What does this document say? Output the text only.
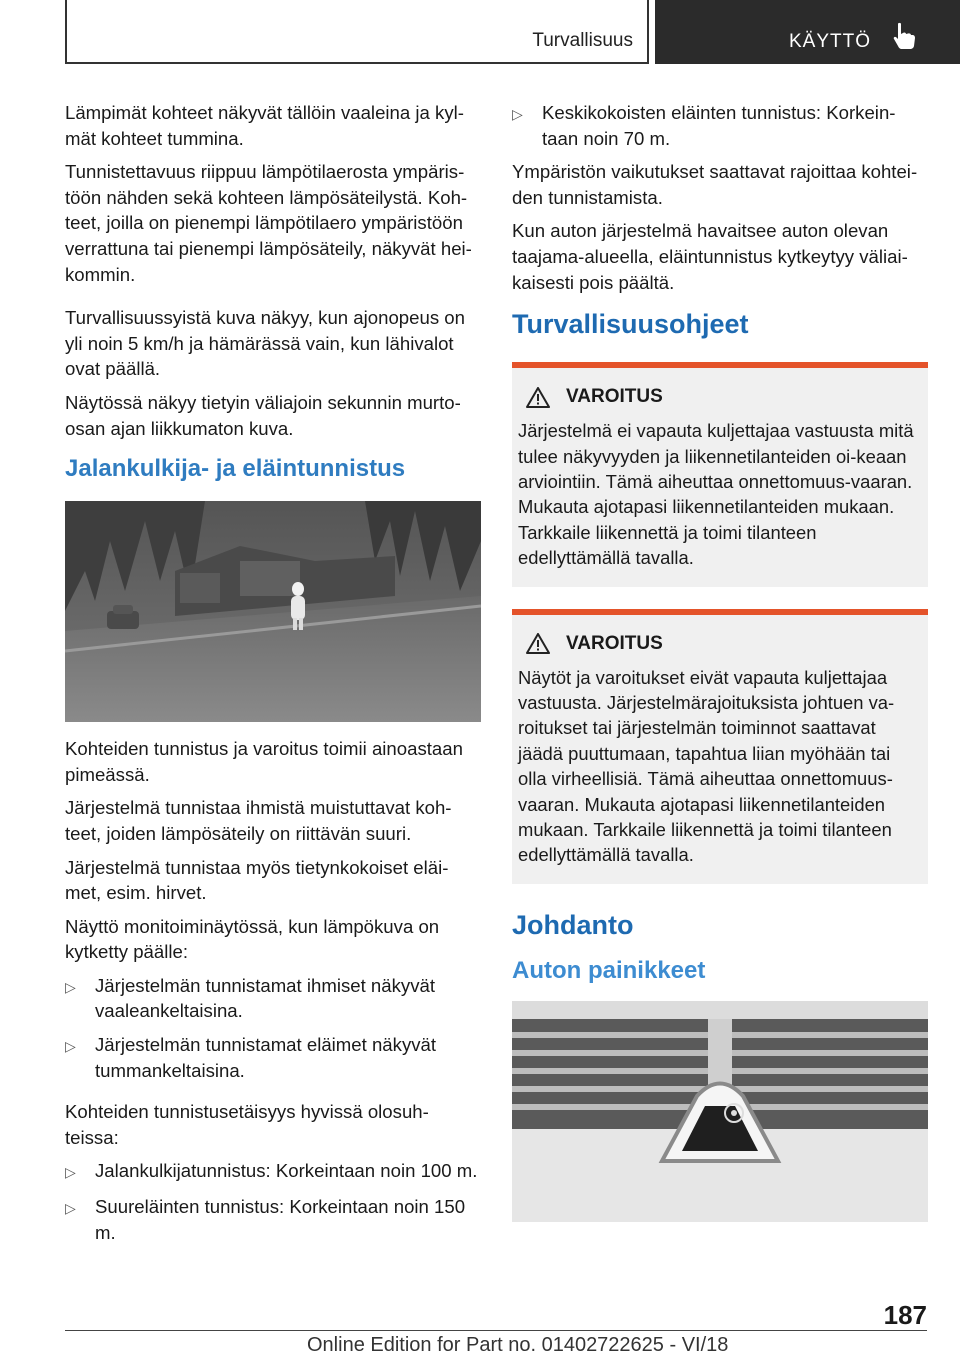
Turvallisuus	KÄYTTÖ

Lämpimät kohteet näkyvät tällöin vaaleina ja kyl-mät kohteet tummina.

Tunnistettavuus riippuu lämpötilaerosta ympäris-töön nähden sekä kohteen lämpösäteilystä. Koh-teet, joilla on pienempi lämpötilaero ympäristöön verrattuna tai pienempi lämpösäteily, näkyvät hei-kommin.

Turvallisuussyistä kuva näkyy, kun ajonopeus on yli noin 5 km/h ja hämärässä vain, kun lähivalot ovat päällä.

Näytössä näkyy tietyin väliajoin sekunnin murto-osan ajan liikkumaton kuva.

Jalankulkija- ja eläintunnistus

Kohteiden tunnistus ja varoitus toimii ainoastaan pimeässä.

Järjestelmä tunnistaa ihmistä muistuttavat koh-teet, joiden lämpösäteily on riittävän suuri.

Järjestelmä tunnistaa myös tietynkokoiset eläi-met, esim. hirvet.

Näyttö monitoiminäytössä, kun lämpökuva on kytketty päälle:

▷	Järjestelmän tunnistamat ihmiset näkyvät vaaleankeltaisina.
▷	Järjestelmän tunnistamat eläimet näkyvät tummankeltaisina.

Kohteiden tunnistusetäisyys hyvissä olosuh-teissa:

▷	Jalankulkijatunnistus: Korkeintaan noin 100 m.
▷	Suureläinten tunnistus: Korkeintaan noin 150 m.
▷	Keskikokoisten eläinten tunnistus: Korkein-taan noin 70 m.

Ympäristön vaikutukset saattavat rajoittaa kohtei-den tunnistamista.

Kun auton järjestelmä havaitsee auton olevan taajama-alueella, eläintunnistus kytkeytyy väliai-kaisesti pois päältä.

Turvallisuusohjeet
VAROITUS

Järjestelmä ei vapauta kuljettajaa vastuusta mitä tulee näkyvyyden ja liikennetilanteiden oi-keaan arviointiin. Tämä aiheuttaa onnettomuus-vaaran. Mukauta ajotapasi liikennetilanteiden mukaan. Tarkkaile liikennettä ja toimi tilanteen edellyttämällä tavalla.

VAROITUS

Näytöt ja varoitukset eivät vapauta kuljettajaa vastuusta. Järjestelmärajoituksista johtuen va-roitukset tai järjestelmän toiminnot saattavat jäädä puuttumaan, tapahtua liian myöhään tai olla virheellisiä. Tämä aiheuttaa onnettomuus-vaaran. Mukauta ajotapasi liikennetilanteiden mukaan. Tarkkaile liikennettä ja toimi tilanteen edellyttämällä tavalla.

Johdanto
Auton painikkeet
187
Online Edition for Part no. 01402722625 - VI/18
